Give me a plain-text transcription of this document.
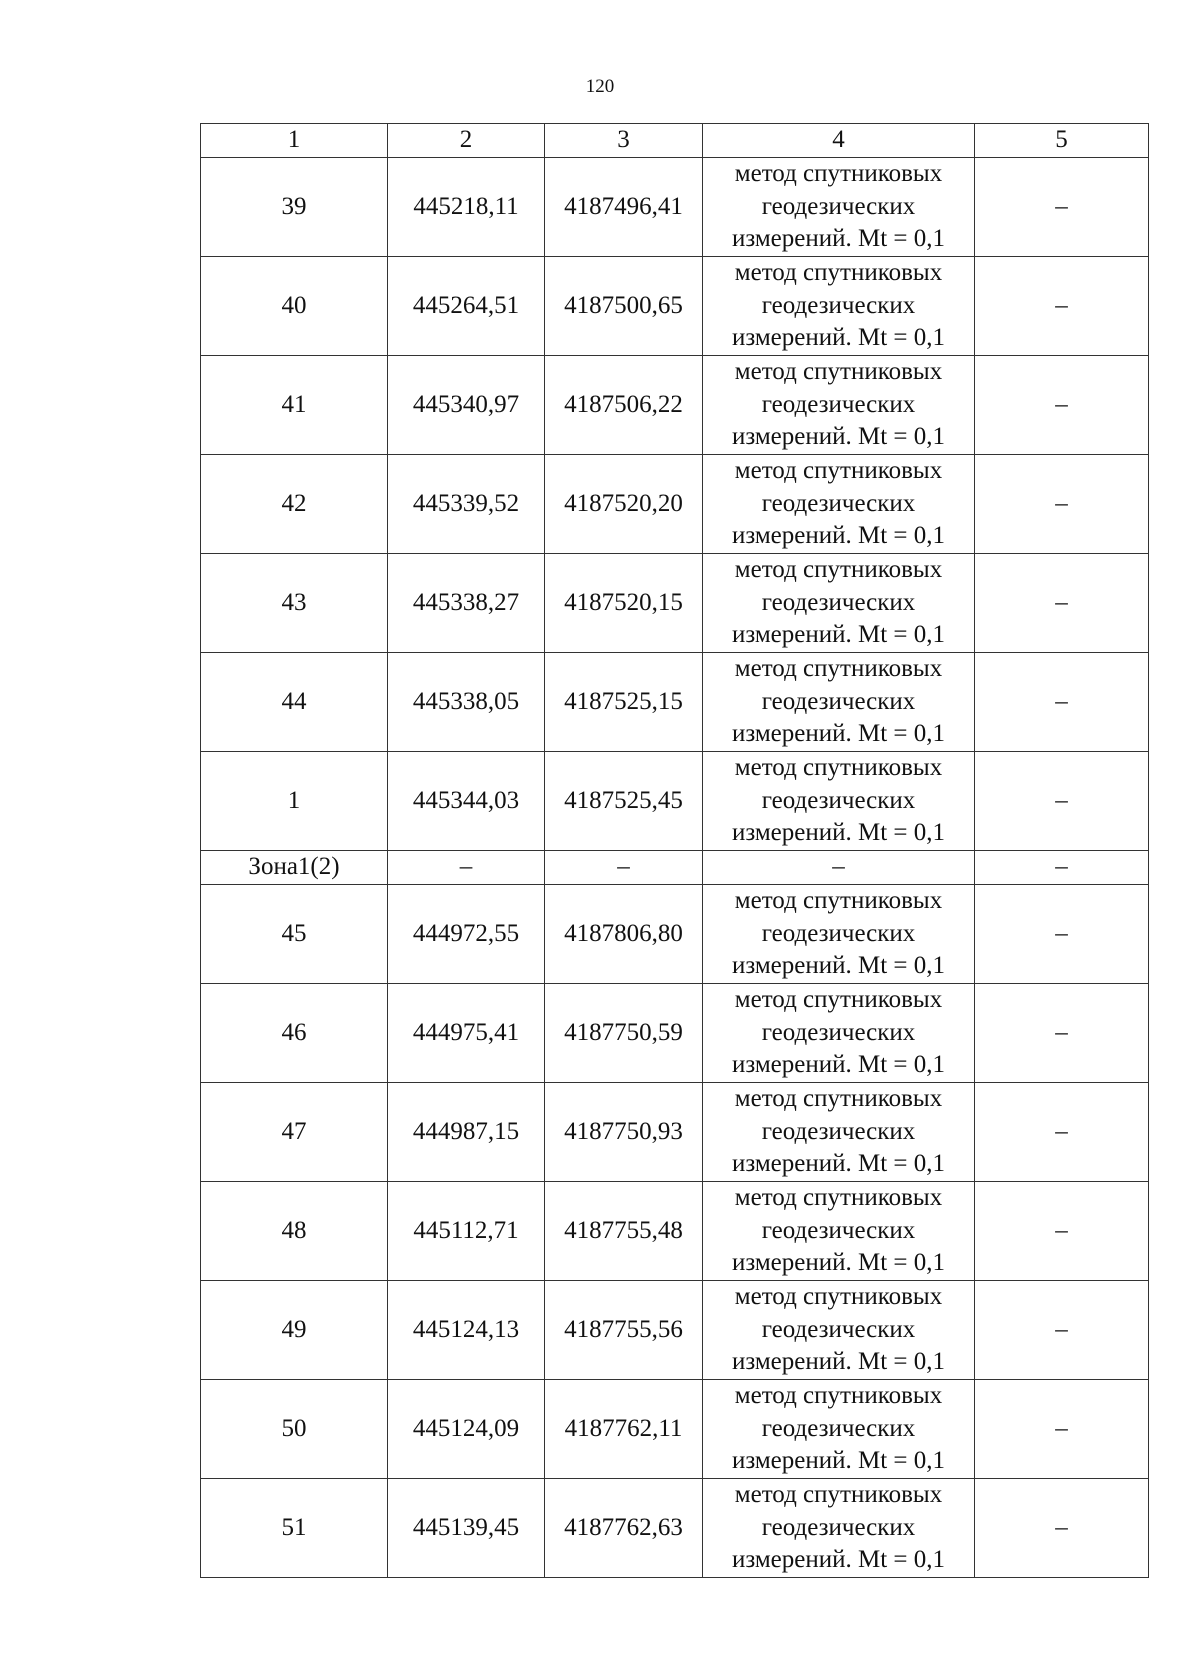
120
1	2	3	4	5
39	445218,11	4187496,41	метод спутниковых
геодезических
измерений. Mt = 0,1	–
40	445264,51	4187500,65	метод спутниковых
геодезических
измерений. Mt = 0,1	–
41	445340,97	4187506,22	метод спутниковых
геодезических
измерений. Mt = 0,1	–
42	445339,52	4187520,20	метод спутниковых
геодезических
измерений. Mt = 0,1	–
43	445338,27	4187520,15	метод спутниковых
геодезических
измерений. Mt = 0,1	–
44	445338,05	4187525,15	метод спутниковых
геодезических
измерений. Mt = 0,1	–
1	445344,03	4187525,45	метод спутниковых
геодезических
измерений. Mt = 0,1	–
Зона1(2)	–	–	–	–
45	444972,55	4187806,80	метод спутниковых
геодезических
измерений. Mt = 0,1	–
46	444975,41	4187750,59	метод спутниковых
геодезических
измерений. Mt = 0,1	–
47	444987,15	4187750,93	метод спутниковых
геодезических
измерений. Mt = 0,1	–
48	445112,71	4187755,48	метод спутниковых
геодезических
измерений. Mt = 0,1	–
49	445124,13	4187755,56	метод спутниковых
геодезических
измерений. Mt = 0,1	–
50	445124,09	4187762,11	метод спутниковых
геодезических
измерений. Mt = 0,1	–
51	445139,45	4187762,63	метод спутниковых
геодезических
измерений. Mt = 0,1	–
